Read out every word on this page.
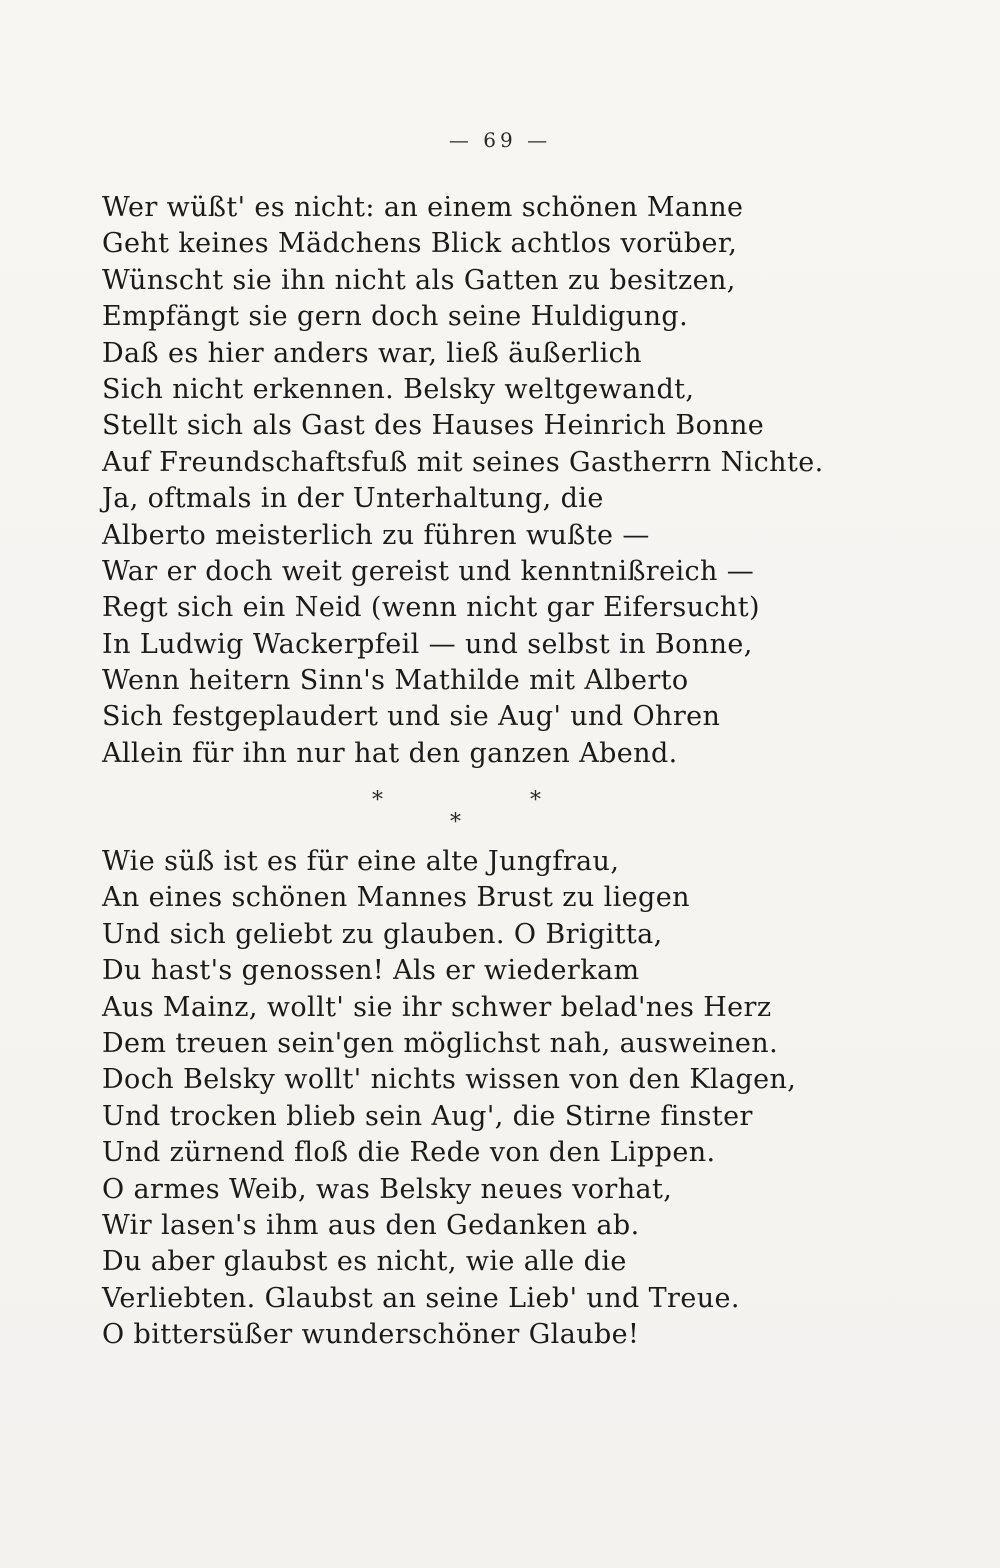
— 69 —
Wer wüßt' es nicht: an einem schönen Manne
Geht keines Mädchens Blick achtlos vorüber,
Wünscht sie ihn nicht als Gatten zu besitzen,
Empfängt sie gern doch seine Huldigung.
Daß es hier anders war, ließ äußerlich
Sich nicht erkennen. Belsky weltgewandt,
Stellt sich als Gast des Hauses Heinrich Bonne
Auf Freundschaftsfuß mit seines Gastherrn Nichte.
Ja, oftmals in der Unterhaltung, die
Alberto meisterlich zu führen wußte —
War er doch weit gereist und kenntnißreich —
Regt sich ein Neid (wenn nicht gar Eifersucht)
In Ludwig Wackerpfeil — und selbst in Bonne,
Wenn heitern Sinn's Mathilde mit Alberto
Sich festgeplaudert und sie Aug' und Ohren
Allein für ihn nur hat den ganzen Abend.
*	*
*
Wie süß ist es für eine alte Jungfrau,
An eines schönen Mannes Brust zu liegen
Und sich geliebt zu glauben. O Brigitta,
Du hast's genossen! Als er wiederkam
Aus Mainz, wollt' sie ihr schwer belad'nes Herz
Dem treuen sein'gen möglichst nah, ausweinen.
Doch Belsky wollt' nichts wissen von den Klagen,
Und trocken blieb sein Aug', die Stirne finster
Und zürnend floß die Rede von den Lippen.
O armes Weib, was Belsky neues vorhat,
Wir lasen's ihm aus den Gedanken ab.
Du aber glaubst es nicht, wie alle die
Verliebten. Glaubst an seine Lieb' und Treue.
O bittersüßer wunderschöner Glaube!
